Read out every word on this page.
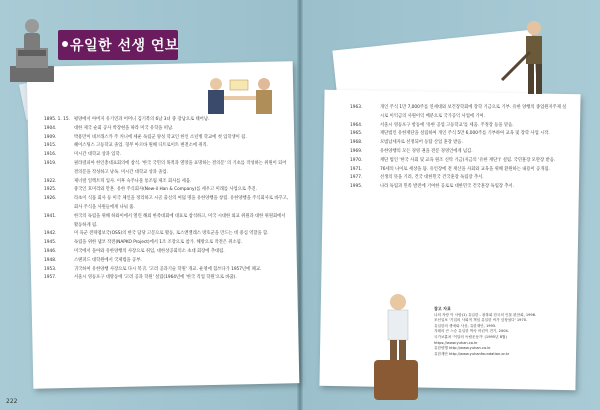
유일한 선생 연보
1895. 1. 15. 평양에서 아버지 유기연과 어머니 김기복의 6남 3녀 중 장남으로 태어남.
1904.	대한 제국 순회 공사 박장현을 따라 미국 유학을 떠남.
1909.	박용만이 네브래스카 주 커니에 세운 독립군 양성 학교인 한인 소년병 학교에 첫 입학생이 됨.
1915.	헤이스팅스 고등학교 졸업. 형무 아르바 원해 디트로이트 변전소에 취직.
1916.	미시간 대학교 상과 입학.
1919.	필라델피아 한인총대표회의에 참석. '한국 국민의 목적과 열망을 표명하는 결의문' 의 기초를 작성하는 위원이 되어 결의문을 작성하고 낭독. 미시간 대학교 상과 졸업.
1922.	제너럴 일렉트릭 입사. 이후 숙주나물 통조림 제조 회사를 세움.
1925.	중국인 호미리와 만혼. 유한 주식회사(New-il Han & Company)를 세우고 미래를 사업으로 추진.
1926.	라초이 식품 회사 등 미국 체인을 정리하고 시골 출신의 여덟 명을 유한양행을 창립. 유한양행을 주식회사로 바꾸고, 회사 주식을 사원들에게 나눠 줌.
1941.	한국의 독립을 위해 하와이에서 열린 해외 한족대회에 대표로 참석하고, 미국 시대한 외교 위원과 대한 위원회에서 활동하게 됨.
1942.	미 육군 전략첩보국(OSS)의 한국 담당 고문으로 활동, 로스앤젤레스 방호군을 만드는 데 중심 역할을 함.
1945.	독립을 위한 냅코 작전(NAPKO Project)에서 1조 조장으로 참가. 해방으로 작전은 취소됨.
1946.	미국에서 돌아와 유한양행의 사장으로 취임, 대한상공회의소 초대 회장에 추대됨.
1948.	스탠퍼드 대학원에서 국제법을 공부.
1953.	귀국하여 유한양행 사장으로 다시 복귀. '고려 공과기술 학원' 개교. 운영에 힘쓰다가 1957년에 폐교.
1957.	서울시 영등포구 대방동에 '고려 공과 학원' 설립(1964년에 '한국 직업 학원'으로 바꿈).
222
1963.	개인 주식 1만 7,000주를 연세대와 보건장학회에 장학 기금으로 기부. 유한 양행의 종업원지주제 실시로 이익금의 사원이익 배분으로 국가공익 사업에 기여.
1964.	서울시 영등포구 항동에 '유한 공업 고등학교'를 세움. 주정장 등을 맡음.
1965.	재단법인 유한재단을 설립하여 개인 주식 5만 6,000주를 기부하여 교육 및 장학 사업 시작.
1968.	모범납세자로 선정되어 동탑 산업 훈장 받음.
1969.	유한양행의 모든 경영 권을 전문 경영인에게 넘김.
1970.	재단 법인 '한국 사회 및 교육 원조 신탁 기금(지금의 '유한 재단')' 설립. 국민훈장 모란장 받음.
1971.	76세의 나이로 세상을 뜸. 유언장에 전 재산을 사회와 교육을 위해 환원하는 내용이 공개됨.
1977.	선생의 뜻을 기려, 건국 대한민국 건국훈장 독립장 추서.
1995.	나라 독립과 민족 발전에 기여한 공로로 대한민국 건국훈장 독립장 추서.
참고 자료
나의 자랑 이 사람(1) 유일한 - 광복회 한국의 인물 편찬회, 1996.
조선일보 '기업의 사회적 책임 유일한 씨가 앞장섰다' 1970.
유일한의 생애와 사상, 유한재단, 1995.
겨레의 큰 스승 유일한 박사 어린이 전기, 2004.
국가보훈처 '이달의 독립운동가' (1995년 8월)
https://www.yuhan.co.kr
유한양행 http://www.yuhan.co.kr
유한재단 http://www.yuhanfoundation.or.kr
